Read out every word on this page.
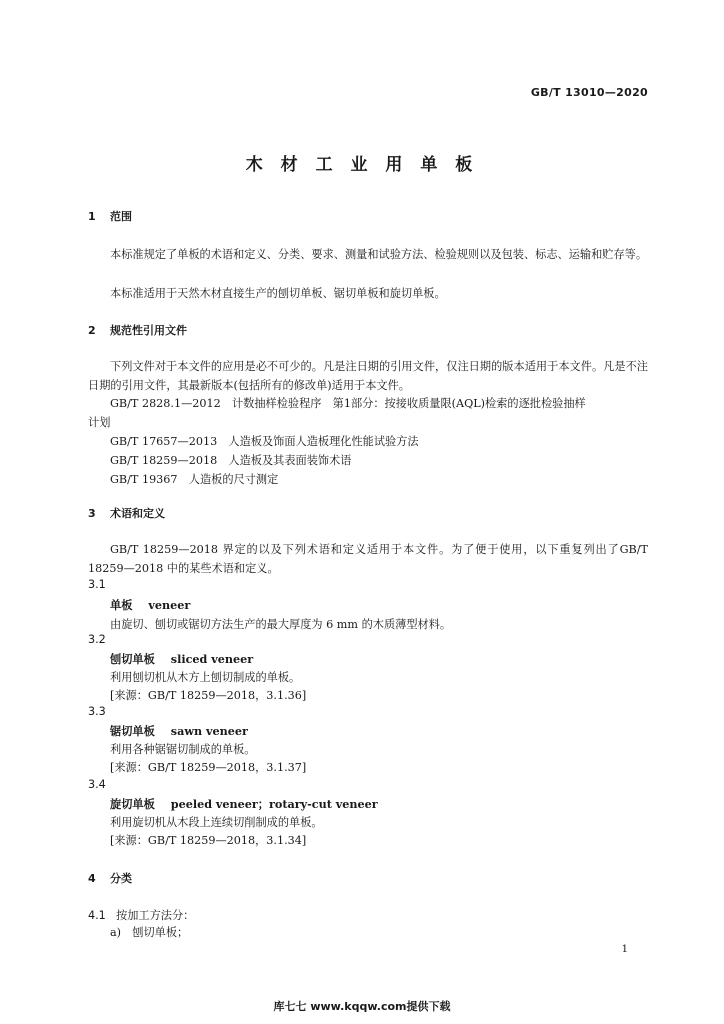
GB/T 13010—2020
木 材 工 业 用 单 板
1 范围
本标准规定了单板的术语和定义、分类、要求、测量和试验方法、检验规则以及包装、标志、运输和贮存等。
本标准适用于天然木材直接生产的刨切单板、锯切单板和旋切单板。
2 规范性引用文件
下列文件对于本文件的应用是必不可少的。凡是注日期的引用文件，仅注日期的版本适用于本文件。凡是不注日期的引用文件，其最新版本(包括所有的修改单)适用于本文件。
GB/T 2828.1—2012　 计数抽样检验程序　第1部分：按接收质量限(AQL)检索的逐批检验抽样
计划
GB/T 17657—2013　 人造板及饰面人造板理化性能试验方法
GB/T 18259—2018　 人造板及其表面装饰术语
GB/T 19367　 人造板的尺寸测定
3 术语和定义
GB/T 18259—2018 界定的以及下列术语和定义适用于本文件。为了便于使用，以下重复列出了GB/T 18259—2018 中的某些术语和定义。
3.1
单板 veneer
由旋切、刨切或锯切方法生产的最大厚度为 6 mm 的木质薄型材料。
3.2
刨切单板 sliced veneer
利用刨切机从木方上刨切制成的单板。
[来源：GB/T 18259—2018，3.1.36]
3.3
锯切单板 sawn veneer
利用各种锯锯切制成的单板。
[来源：GB/T 18259—2018，3.1.37]
3.4
旋切单板 peeled veneer；rotary-cut veneer
利用旋切机从木段上连续切削制成的单板。
[来源：GB/T 18259—2018，3.1.34]
4 分类
4.1 按加工方法分：
a)　 刨切单板；
1
库七七 www.kqqw.com提供下载
